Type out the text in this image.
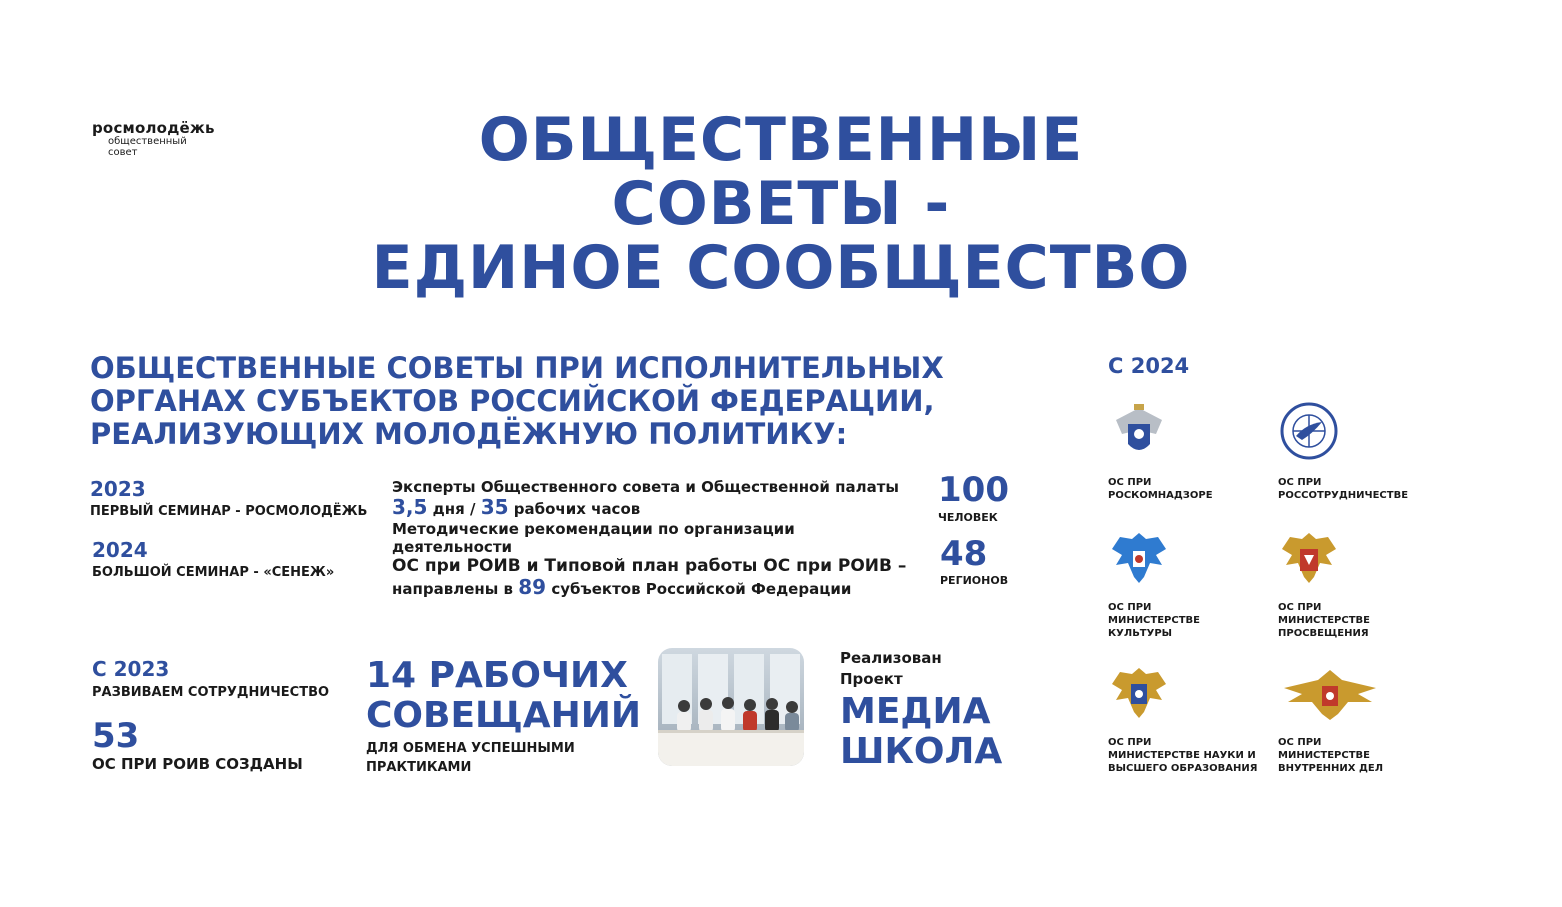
росмолодёжь
общественный совет	ОБЩЕСТВЕННЫЕ
СОВЕТЫ -
ЕДИНОЕ СООБЩЕСТВО
ОБЩЕСТВЕННЫЕ СОВЕТЫ ПРИ ИСПОЛНИТЕЛЬНЫХ
ОРГАНАХ СУБЪЕКТОВ РОССИЙСКОЙ ФЕДЕРАЦИИ,
РЕАЛИЗУЮЩИХ МОЛОДЁЖНУЮ ПОЛИТИКУ:
2023
ПЕРВЫЙ СЕМИНАР - РОСМОЛОДЁЖЬ
2024
БОЛЬШОЙ СЕМИНАР - «СЕНЕЖ»
Эксперты Общественного совета и Общественной палаты
3,5 дня / 35 рабочих часов
Методические рекомендации по организации деятельности
ОС при РОИВ и Типовой план работы ОС при РОИВ –
направлены в 89 субъектов Российской Федерации
100
ЧЕЛОВЕК
48
РЕГИОНОВ
С 2023
РАЗВИВАЕМ СОТРУДНИЧЕСТВО
53
ОС ПРИ РОИВ СОЗДАНЫ
14 РАБОЧИХ
СОВЕЩАНИЙ
ДЛЯ ОБМЕНА УСПЕШНЫМИ
ПРАКТИКАМИ
Реализован
Проект
МЕДИА
ШКОЛА
С 2024
ОС ПРИ
РОСКОМНАДЗОРЕ
ОС ПРИ
РОССОТРУДНИЧЕСТВЕ
ОС ПРИ
МИНИСТЕРСТВЕ
КУЛЬТУРЫ
ОС ПРИ
МИНИСТЕРСТВЕ
ПРОСВЕЩЕНИЯ
ОС ПРИ
МИНИСТЕРСТВЕ НАУКИ И
ВЫСШЕГО ОБРАЗОВАНИЯ
ОС ПРИ
МИНИСТЕРСТВЕ
ВНУТРЕННИХ ДЕЛ
